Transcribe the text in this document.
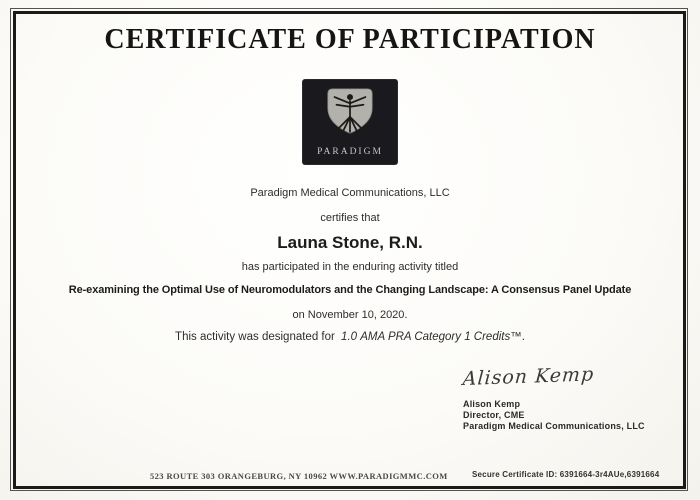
CERTIFICATE OF PARTICIPATION
PARADIGM
Paradigm Medical Communications, LLC
certifies that
Launa Stone, R.N.
has participated in the enduring activity titled
Re-examining the Optimal Use of Neuromodulators and the Changing Landscape: A Consensus Panel Update
on November 10, 2020.
This activity was designated for 1.0 AMA PRA Category 1 Credits™.
Alison Kemp
Alison Kemp
Director, CME
Paradigm Medical Communications, LLC
523 ROUTE 303 ORANGEBURG, NY 10962 WWW.PARADIGMMC.COM	Secure Certificate ID: 6391664-3r4AUe,6391664
